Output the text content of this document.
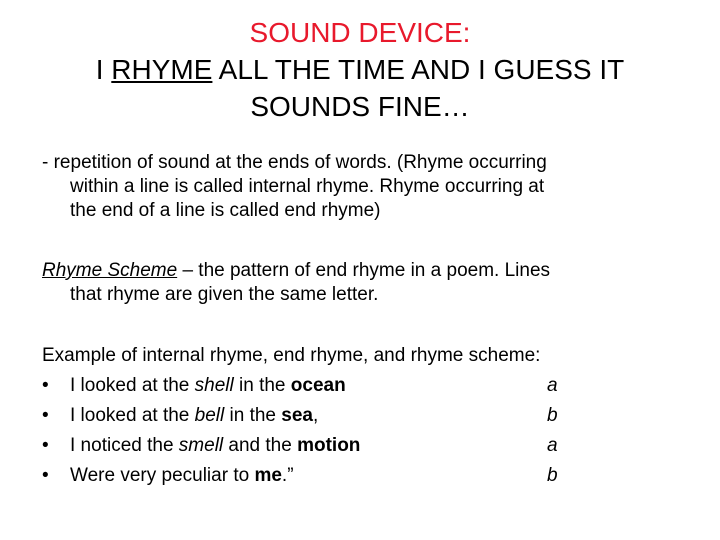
SOUND DEVICE:
I RHYME ALL THE TIME AND I GUESS IT
SOUNDS FINE…
- repetition of sound at the ends of words. (Rhyme occurring
within a line is called internal rhyme. Rhyme occurring at
the end of a line is called end rhyme)
Rhyme Scheme – the pattern of end rhyme in a poem. Lines
that rhyme are given the same letter.
Example of internal rhyme, end rhyme, and rhyme scheme:
• I looked at the shell in the ocean	a
• I looked at the bell in the sea,	b
• I noticed the smell and the motion	a
• Were very peculiar to me.”	b
